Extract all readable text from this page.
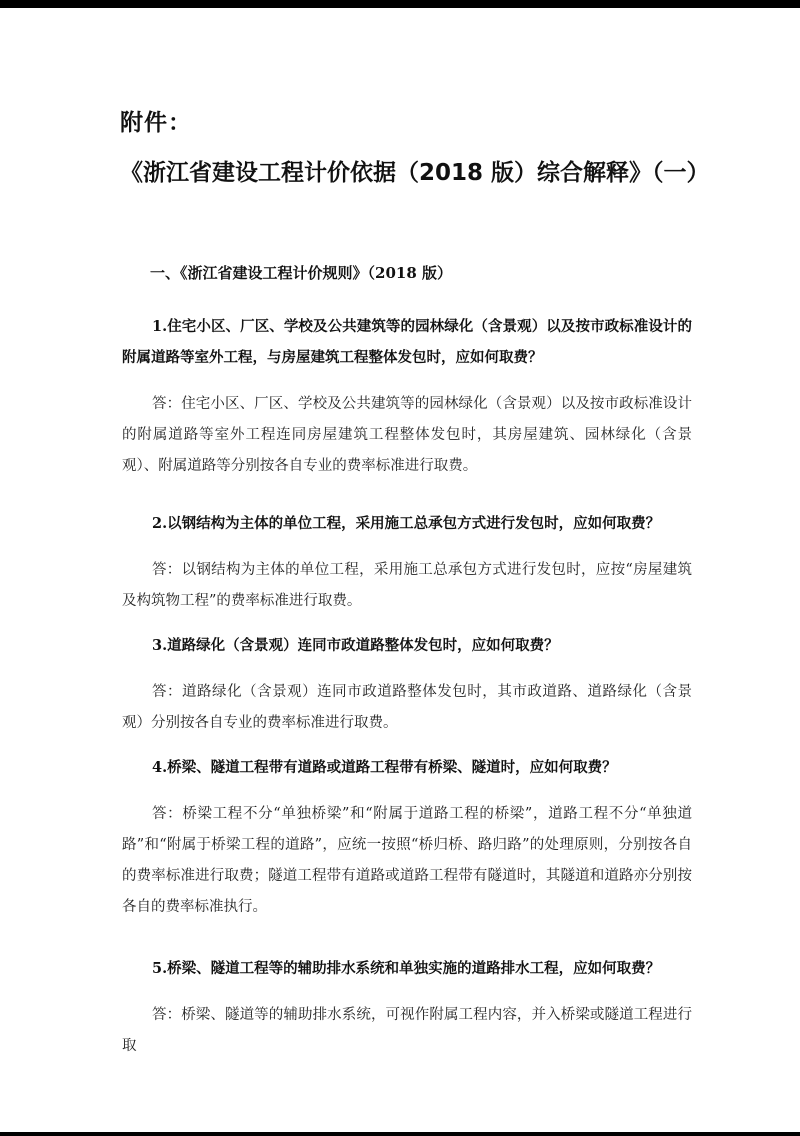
附件：
《浙江省建设工程计价依据（2018 版）综合解释》（一）
一、《浙江省建设工程计价规则》（2018 版）
1.住宅小区、厂区、学校及公共建筑等的园林绿化（含景观）以及按市政标准设计的附属道路等室外工程，与房屋建筑工程整体发包时，应如何取费？
答：住宅小区、厂区、学校及公共建筑等的园林绿化（含景观）以及按市政标准设计的附属道路等室外工程连同房屋建筑工程整体发包时，其房屋建筑、园林绿化（含景观）、附属道路等分别按各自专业的费率标准进行取费。
2.以钢结构为主体的单位工程，采用施工总承包方式进行发包时，应如何取费？
答：以钢结构为主体的单位工程，采用施工总承包方式进行发包时，应按“房屋建筑及构筑物工程”的费率标准进行取费。
3.道路绿化（含景观）连同市政道路整体发包时，应如何取费？
答：道路绿化（含景观）连同市政道路整体发包时，其市政道路、道路绿化（含景观）分别按各自专业的费率标准进行取费。
4.桥梁、隧道工程带有道路或道路工程带有桥梁、隧道时，应如何取费？
答：桥梁工程不分“单独桥梁”和“附属于道路工程的桥梁”，道路工程不分“单独道路”和“附属于桥梁工程的道路”，应统一按照“桥归桥、路归路”的处理原则，分别按各自的费率标准进行取费；隧道工程带有道路或道路工程带有隧道时，其隧道和道路亦分别按各自的费率标准执行。
5.桥梁、隧道工程等的辅助排水系统和单独实施的道路排水工程，应如何取费？
答：桥梁、隧道等的辅助排水系统，可视作附属工程内容，并入桥梁或隧道工程进行取
